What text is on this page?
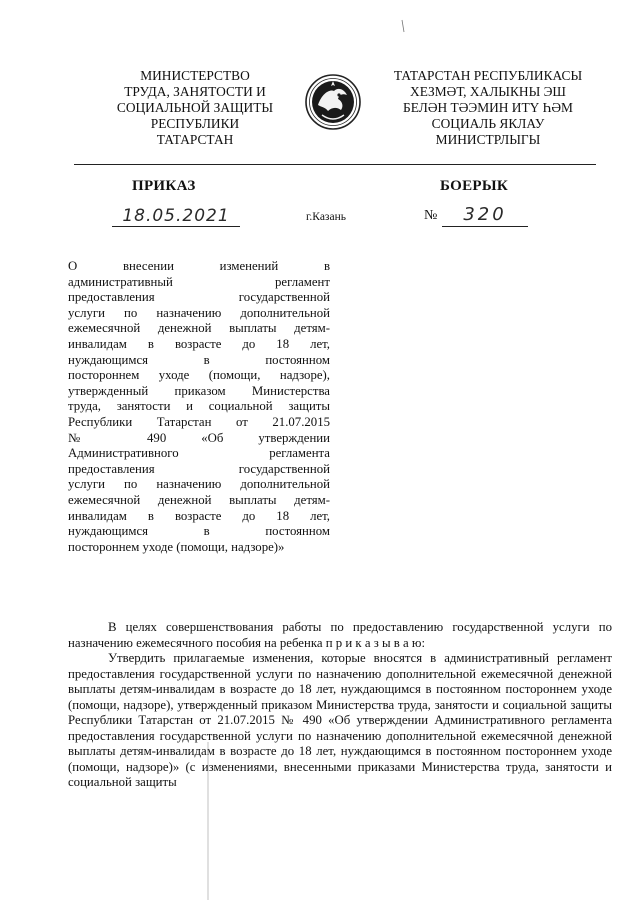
МИНИСТЕРСТВО
ТРУДА, ЗАНЯТОСТИ И
СОЦИАЛЬНОЙ ЗАЩИТЫ
РЕСПУБЛИКИ
ТАТАРСТАН
ТАТАРСТАН РЕСПУБЛИКАСЫ
ХЕЗМӘТ, ХАЛЫКНЫ ЭШ
БЕЛӘН ТӘЭМИН ИТҮ ҺӘМ
СОЦИАЛЬ ЯКЛАУ
МИНИСТРЛЫГЫ
ПРИКАЗ	БОЕРЫК
18.05.2021	г.Казань	№	320
О внесении изменений в
административный регламент
предоставления государственной
услуги по назначению дополнительной
ежемесячной денежной выплаты детям-
инвалидам в возрасте до 18 лет,
нуждающимся в постоянном
постороннем уходе (помощи, надзоре),
утвержденный приказом Министерства
труда, занятости и социальной защиты
Республики Татарстан от 21.07.2015
№ 490 «Об утверждении
Административного регламента
предоставления государственной
услуги по назначению дополнительной
ежемесячной денежной выплаты детям-
инвалидам в возрасте до 18 лет,
нуждающимся в постоянном
постороннем уходе (помощи, надзоре)»

В целях совершенствования работы по предоставлению государственной услуги по назначению ежемесячного пособия на ребенка п р и к а з ы в а ю:

Утвердить прилагаемые изменения, которые вносятся в административный регламент предоставления государственной услуги по назначению дополнительной ежемесячной денежной выплаты детям-инвалидам в возрасте до 18 лет, нуждающимся в постоянном постороннем уходе (помощи, надзоре), утвержденный приказом Министерства труда, занятости и социальной защиты Республики Татарстан от 21.07.2015 № 490 «Об утверждении Административного регламента предоставления государственной услуги по назначению дополнительной ежемесячной денежной выплаты детям-инвалидам в возрасте до 18 лет, нуждающимся в постоянном постороннем уходе (помощи, надзоре)» (с изменениями, внесенными приказами Министерства труда, занятости и социальной защиты
